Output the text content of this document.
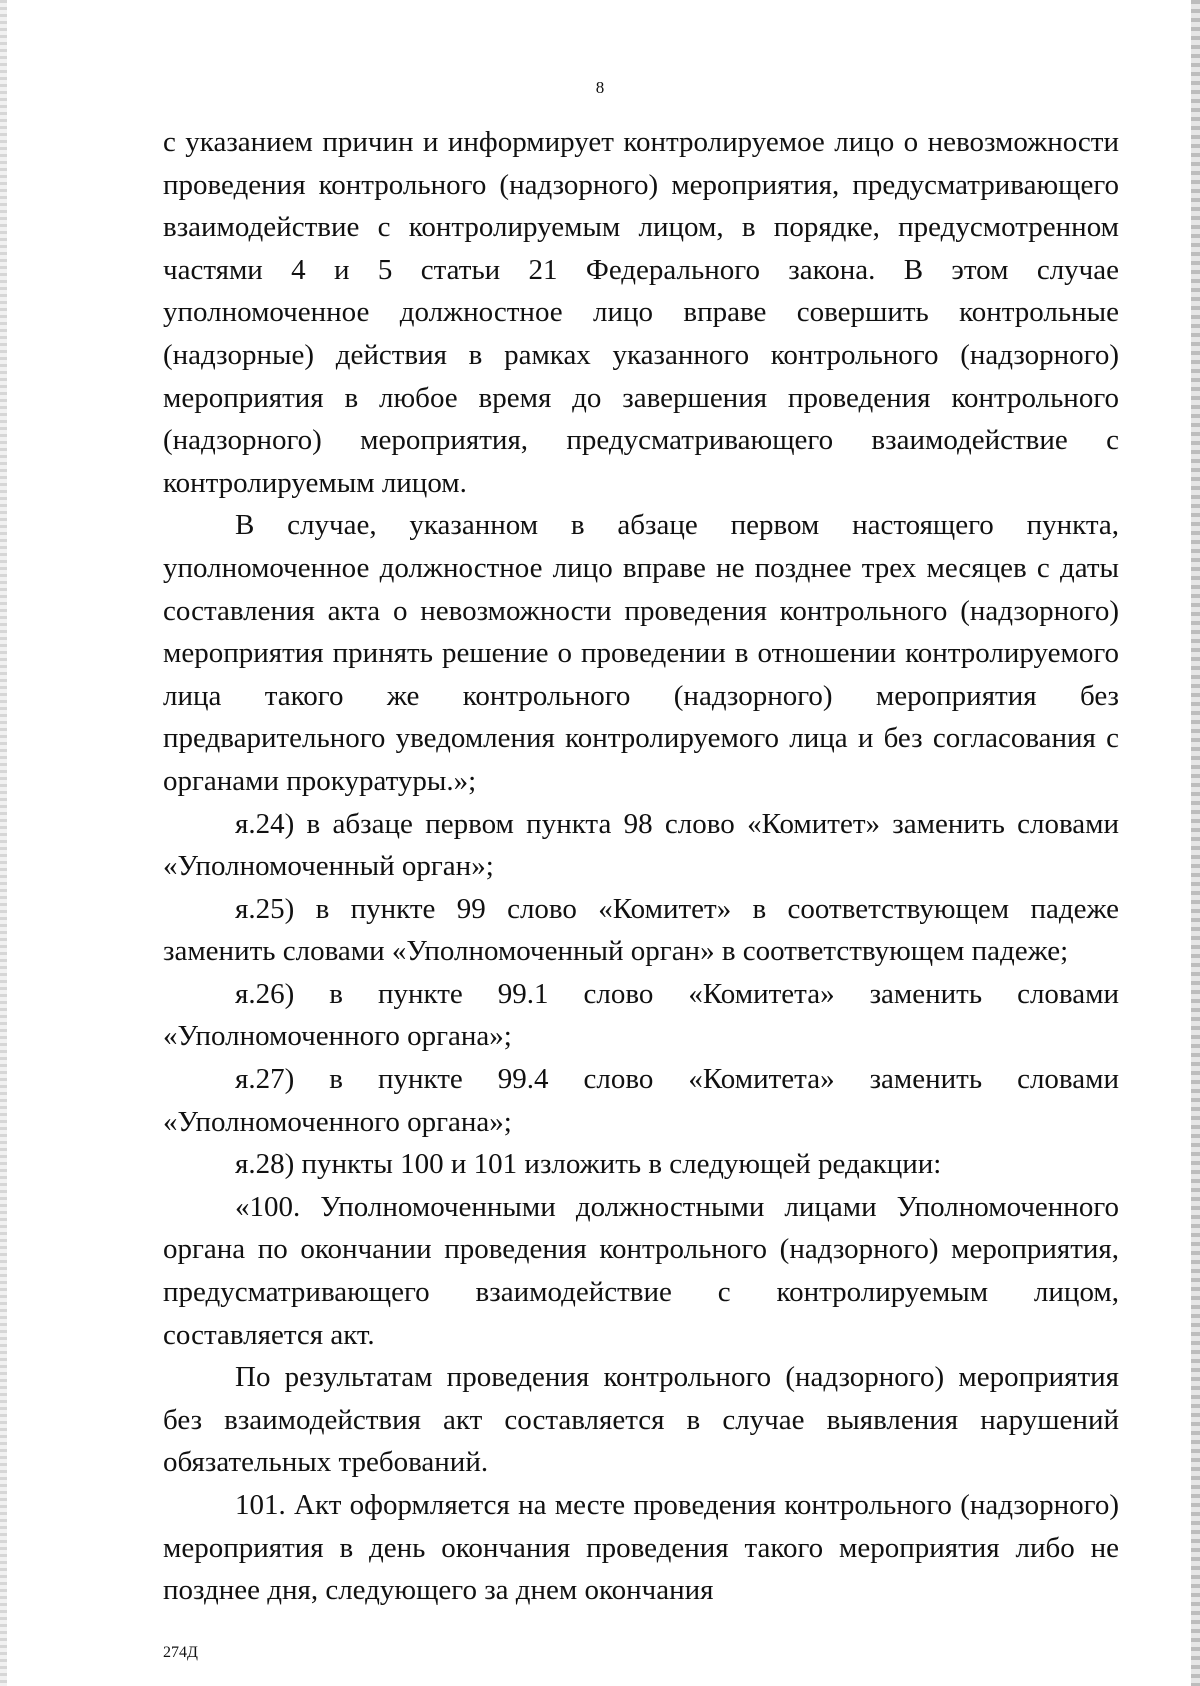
8

с указанием причин и информирует контролируемое лицо о невозможности проведения контрольного (надзорного) мероприятия, предусматривающего взаимодействие с контролируемым лицом, в порядке, предусмотренном частями 4 и 5 статьи 21 Федерального закона. В этом случае уполномоченное должностное лицо вправе совершить контрольные (надзорные) действия в рамках указанного контрольного (надзорного) мероприятия в любое время до завершения проведения контрольного (надзорного) мероприятия, предусматривающего взаимодействие с контролируемым лицом.

В случае, указанном в абзаце первом настоящего пункта, уполномоченное должностное лицо вправе не позднее трех месяцев с даты составления акта о невозможности проведения контрольного (надзорного) мероприятия принять решение о проведении в отношении контролируемого лица такого же контрольного (надзорного) мероприятия без предварительного уведомления контролируемого лица и без согласования с органами прокуратуры.»;

я.24) в абзаце первом пункта 98 слово «Комитет» заменить словами «Уполномоченный орган»;

я.25) в пункте 99 слово «Комитет» в соответствующем падеже заменить словами «Уполномоченный орган» в соответствующем падеже;

я.26) в пункте 99.1 слово «Комитета» заменить словами «Уполномоченного органа»;

я.27) в пункте 99.4 слово «Комитета» заменить словами «Уполномоченного органа»;

я.28) пункты 100 и 101 изложить в следующей редакции:

«100. Уполномоченными должностными лицами Уполномоченного органа по окончании проведения контрольного (надзорного) мероприятия, предусматривающего взаимодействие с контролируемым лицом, составляется акт.

По результатам проведения контрольного (надзорного) мероприятия без взаимодействия акт составляется в случае выявления нарушений обязательных требований.

101. Акт оформляется на месте проведения контрольного (надзорного) мероприятия в день окончания проведения такого мероприятия либо не позднее дня, следующего за днем окончания

274Д
